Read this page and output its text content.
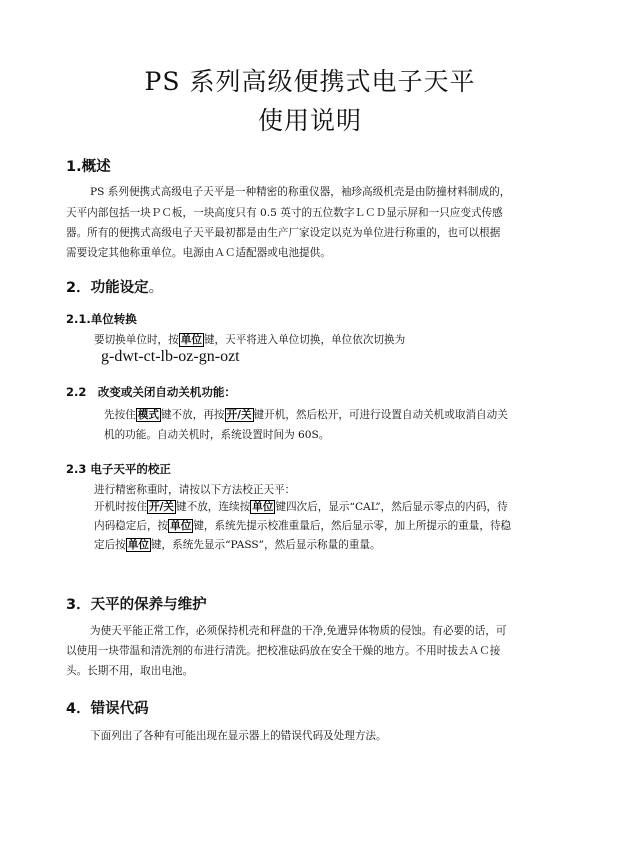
PS 系列高级便携式电子天平
使用说明
1.概述
PS 系列便携式高级电子天平是一种精密的称重仪器，袖珍高级机壳是由防撞材料制成的，
天平内部包括一块ＰＣ板，一块高度只有 0.5 英寸的五位数字ＬＣＤ显示屏和一只应变式传感
器。所有的便携式高级电子天平最初都是由生产厂家设定以克为单位进行称重的，也可以根据
需要设定其他称重单位。电源由ＡＣ适配器或电池提供。
2．功能设定。
2.1.单位转换
要切换单位时，按 单位 键，天平将进入单位切换，单位依次切换为
g-dwt-ct-lb-oz-gn-ozt
2.2　改变或关闭自动关机功能：
先按住 模式 键不放，再按 开/关 键开机，然后松开，可进行设置自动关机或取消自动关
机的功能。自动关机时，系统设置时间为 60S。
2.3 电子天平的校正
进行精密称重时，请按以下方法校正天平：
开机时按住 开/关 键不放，连续按 单位 键四次后，显示“CAL”，然后显示零点的内码，待
内码稳定后，按 单位 键，系统先提示校准重量后，然后显示零，加上所提示的重量，待稳
定后按 单位 键，系统先显示“PASS”，然后显示称量的重量。
3．天平的保养与维护
为使天平能正常工作，必须保持机壳和秤盘的干净,免遭异体物质的侵蚀。有必要的话，可
以使用一块带温和清洗剂的布进行清洗。把校准砝码放在安全干燥的地方。不用时拔去ＡＣ接
头。长期不用，取出电池。
4．错误代码
下面列出了各种有可能出现在显示器上的错误代码及处理方法。
